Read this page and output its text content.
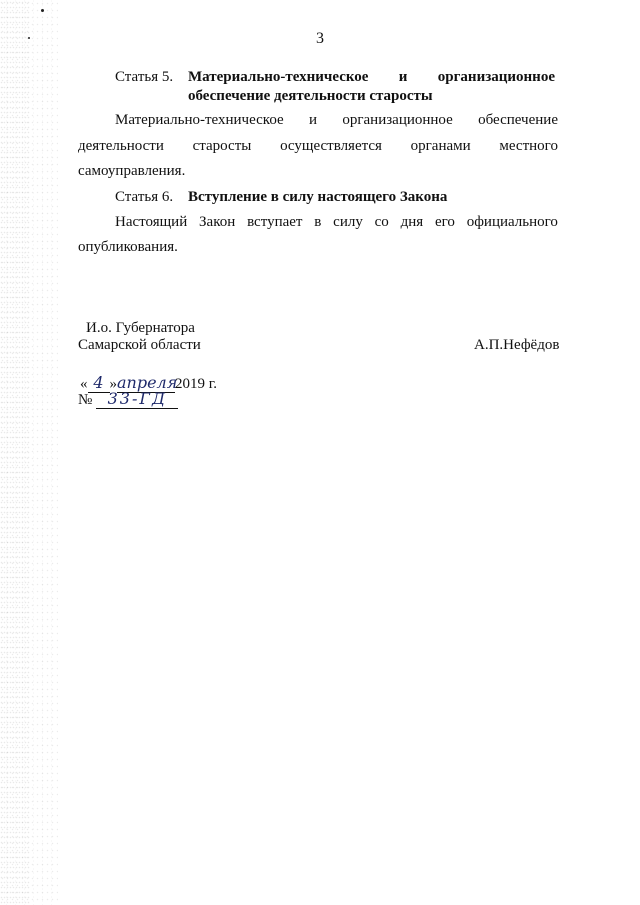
3
Статья 5. Материально-техническое и организационное
обеспечение деятельности старосты
Материально-техническое и организационное обеспечение
деятельности старосты осуществляется органами местного
самоуправления.
Статья 6. Вступление в силу настоящего Закона
Настоящий Закон вступает в силу со дня его официального
опубликования.
И.о. Губернатора
Самарской области	А.П.Нефёдов
« 4 »апреля2019 г.
№ 33-ГД
